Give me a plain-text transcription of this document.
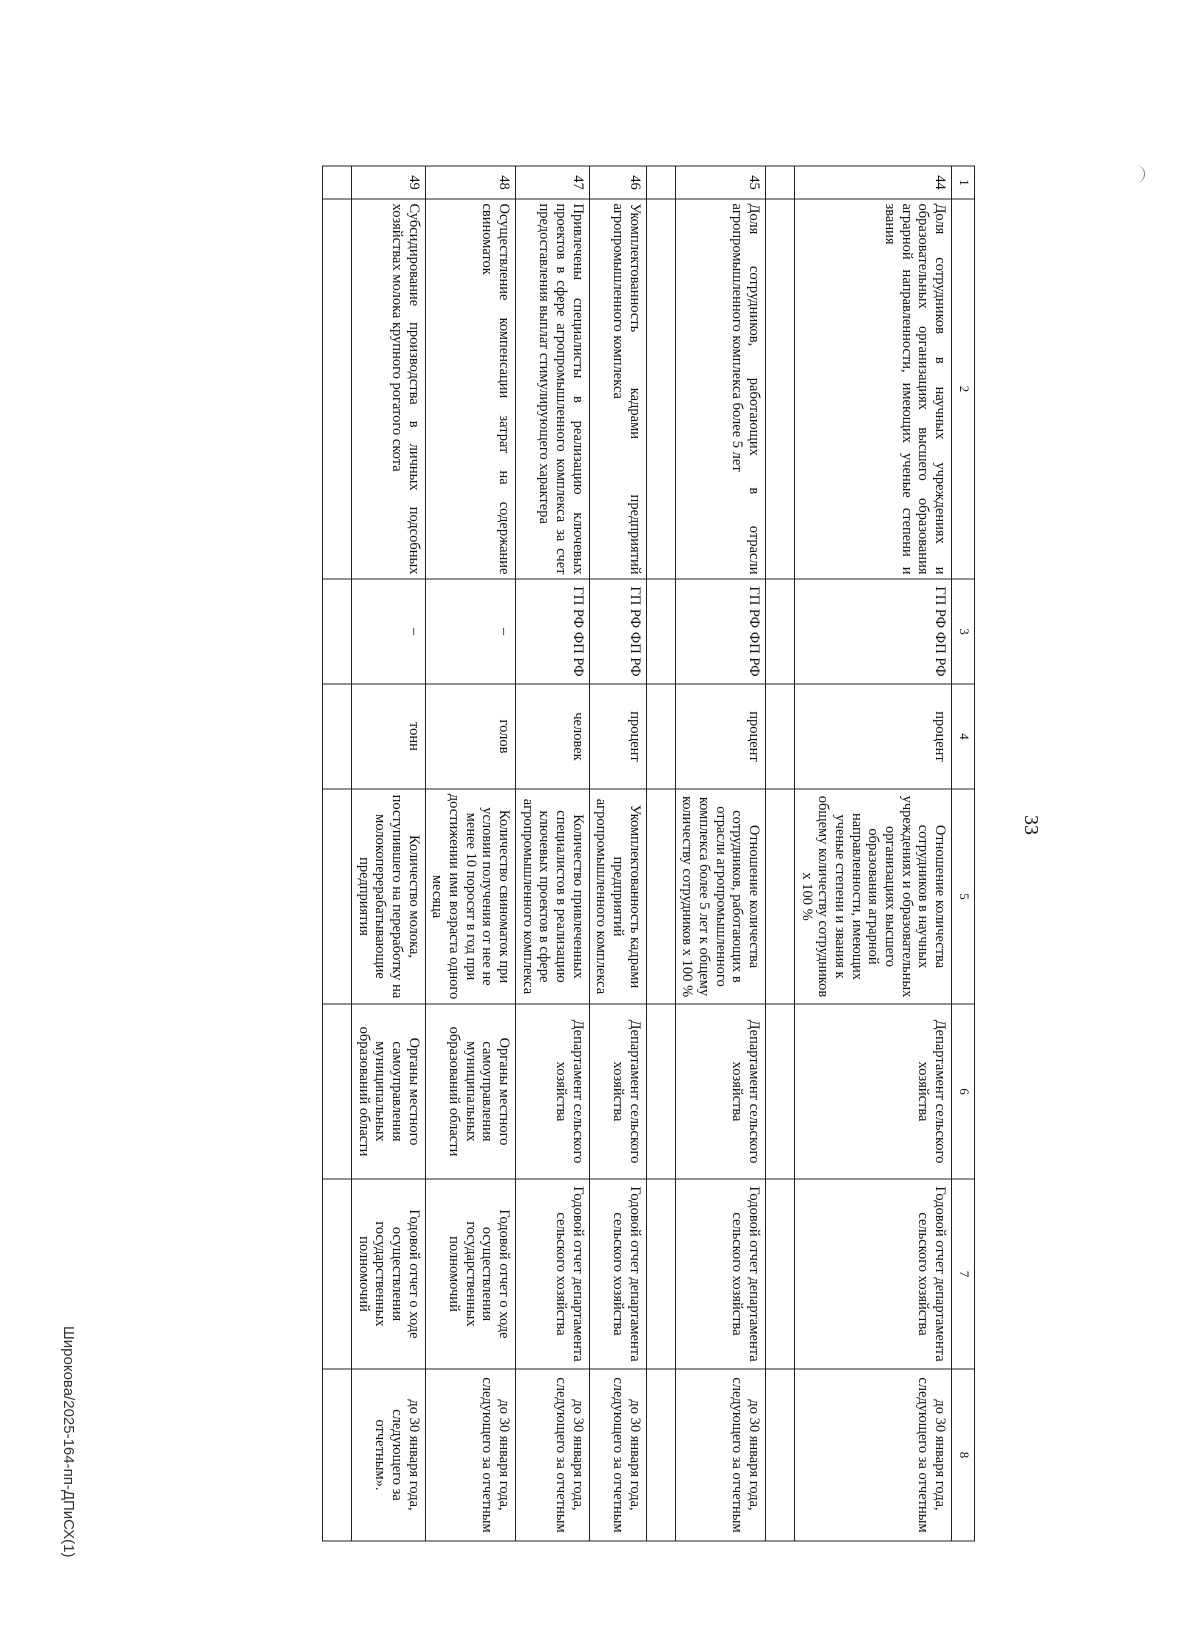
33
1	2	3	4	5	6	7	8
44	Доля сотрудников в научных учреждениях и образовательных организациях высшего образования аграрной направленности, имеющих ученые степени и звания	ГП РФ ФП РФ	процент	Отношение количества сотрудников в научных учреждениях и образовательных организациях высшего образования аграрной направленности, имеющих ученые степени и звания к общему количеству сотрудников х 100 %	Департамент сельского хозяйства	Годовой отчет департамента сельского хозяйства	до 30 января года, следующего за отчетным

45	Доля сотрудников, работающих в отрасли агропромышленного комплекса более 5 лет	ГП РФ ФП РФ	процент	Отношение количества сотрудников, работающих в отрасли агропромышленного комплекса более 5 лет к общему количеству сотрудников х 100 %	Департамент сельского хозяйства	Годовой отчет департамента сельского хозяйства	до 30 января года, следующего за отчетным

46	Укомплектованность кадрами предприятий агропромышленного комплекса	ГП РФ ФП РФ	процент	Укомплектованность кадрами предприятий агропромышленного комплекса	Департамент сельского хозяйства	Годовой отчет департамента сельского хозяйства	до 30 января года, следующего за отчетным
47	Привлечены специалисты в реализацию ключевых проектов в сфере агропромышленного комплекса за счет предоставления выплат стимулирующего характера	ГП РФ ФП РФ	человек	Количество привлеченных специалистов в реализацию ключевых проектов в сфере агропромышленного комплекса	Департамент сельского хозяйства	Годовой отчет департамента сельского хозяйства	до 30 января года, следующего за отчетным
48	Осуществление компенсации затрат на содержание свиноматок	–	голов	Количество свиноматок при условии получения от нее не менее 10 поросят в год при достижении ими возраста одного месяца	Органы местного самоуправления муниципальных образований области	Годовой отчет о ходе осуществления государственных полномочий	до 30 января года, следующего за отчетным
49	Субсидирование производства в личных подсобных хозяйствах молока крупного рогатого скота	–	тонн	Количество молока, поступившего на переработку на молокоперерабатывающие предприятия	Органы местного самоуправления муниципальных образований области	Годовой отчет о ходе осуществления государственных полномочий	до 30 января года, следующего за отчетным».

Широкова/2025-164-пп-ДПиСХ(1)
